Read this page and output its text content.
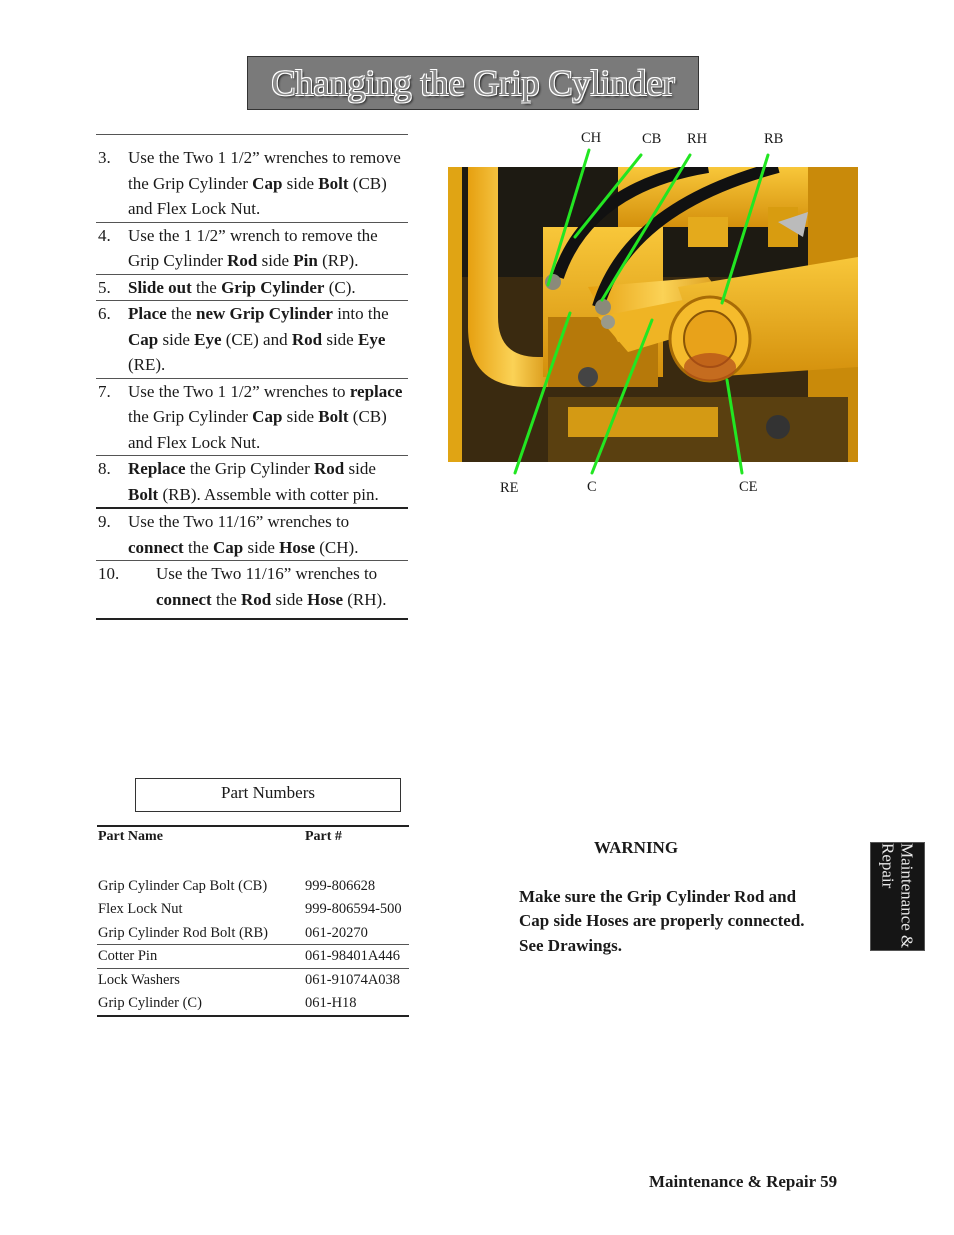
Changing the Grip Cylinder
3.	Use the Two 1 1/2” wrenches to remove the Grip Cylinder Cap side Bolt (CB) and Flex Lock Nut.
4.	Use the 1 1/2” wrench to remove the Grip Cylinder Rod side Pin (RP).
5.	Slide out the Grip Cylinder (C).
6.	Place the new Grip Cylinder into the Cap side Eye (CE) and Rod side Eye (RE).
7.	Use the Two 1 1/2” wrenches to replace the Grip Cylinder Cap side Bolt (CB) and Flex Lock Nut.
8.	Replace the Grip Cylinder Rod side Bolt (RB). Assemble with cotter pin.
9.	Use the Two 11/16” wrenches to connect the Cap side Hose (CH).
10.	Use the Two 11/16” wrenches to connect the Rod side Hose (RH).
Part Numbers
Part Name	Part #
Grip Cylinder Cap Bolt (CB)	999-806628
Flex Lock Nut	999-806594-500
Grip Cylinder Rod Bolt (RB)	061-20270
Cotter Pin	061-98401A446
Lock Washers	061-91074A038
Grip Cylinder (C)	061-H18
CH	CB RH	RB
RE	C	CE
WARNING
Make sure the Grip Cylinder Rod and Cap side Hoses are properly connected. See Drawings.	Maintenance & Repair
Maintenance & Repair 59
